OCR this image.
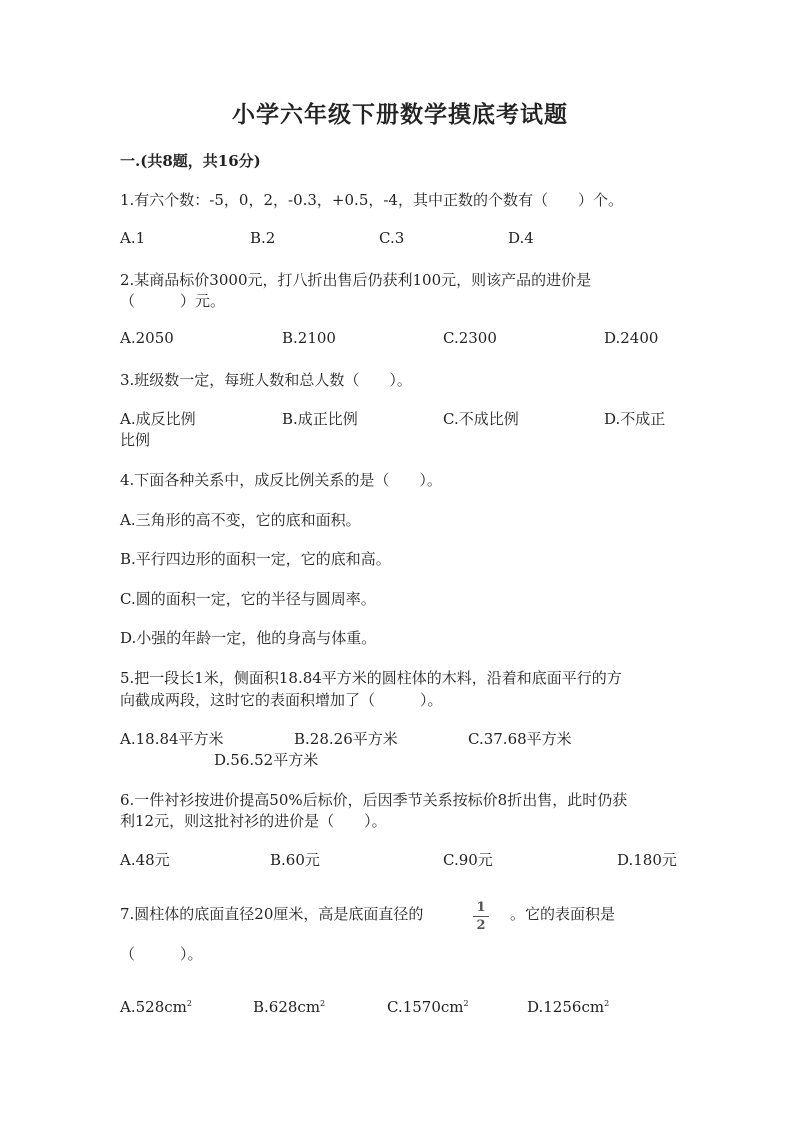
小学六年级下册数学摸底考试题
一.(共8题，共16分)
1.有六个数：-5，0，2，-0.3，+0.5，-4，其中正数的个数有（　　）个。
A.1	B.2	C.3	D.4
2.某商品标价3000元，打八折出售后仍获利100元，则该产品的进价是
（　　　）元。
A.2050	B.2100	C.2300	D.2400
3.班级数一定，每班人数和总人数（　　）。
A.成反比例	B.成正比例	C.不成比例	D.不成正
比例
4.下面各种关系中，成反比例关系的是（　　）。
A.三角形的高不变，它的底和面积。
B.平行四边形的面积一定，它的底和高。
C.圆的面积一定，它的半径与圆周率。
D.小强的年龄一定，他的身高与体重。
5.把一段长1米，侧面积18.84平方米的圆柱体的木料，沿着和底面平行的方
向截成两段，这时它的表面积增加了（　　　）。
A.18.84平方米	B.28.26平方米	C.37.68平方米
D.56.52平方米
6.一件衬衫按进价提高50%后标价，后因季节关系按标价8折出售，此时仍获
利12元，则这批衬衫的进价是（　　）。
A.48元	B.60元	C.90元	D.180元
7.圆柱体的底面直径20厘米，高是底面直径的	1
2
。它的表面积是
（　　　）。
$A.528cm^2$	$B.628cm^2$	$C.1570cm^2$	$D.1256cm^2$
